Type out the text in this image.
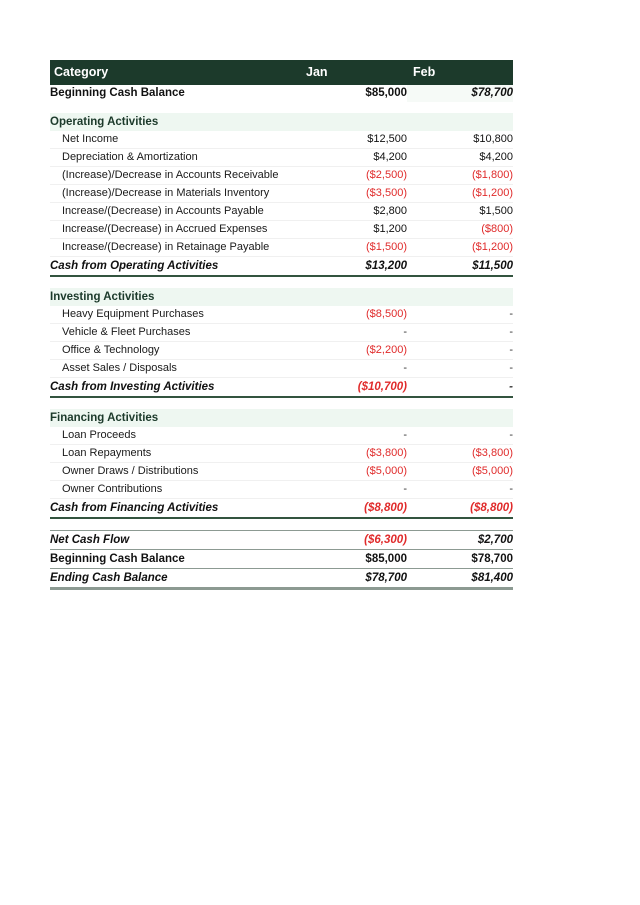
Category	Jan	Feb
Beginning Cash Balance	$85,000	$78,700

Operating Activities		
Net Income	$12,500	$10,800
Depreciation & Amortization	$4,200	$4,200
(Increase)/Decrease in Accounts Receivable	($2,500)	($1,800)
(Increase)/Decrease in Materials Inventory	($3,500)	($1,200)
Increase/(Decrease) in Accounts Payable	$2,800	$1,500
Increase/(Decrease) in Accrued Expenses	$1,200	($800)
Increase/(Decrease) in Retainage Payable	($1,500)	($1,200)
Cash from Operating Activities	$13,200	$11,500

Investing Activities		
Heavy Equipment Purchases	($8,500)	-
Vehicle & Fleet Purchases	-	-
Office & Technology	($2,200)	-
Asset Sales / Disposals	-	-
Cash from Investing Activities	($10,700)	-

Financing Activities		
Loan Proceeds	-	-
Loan Repayments	($3,800)	($3,800)
Owner Draws / Distributions	($5,000)	($5,000)
Owner Contributions	-	-
Cash from Financing Activities	($8,800)	($8,800)

Net Cash Flow	($6,300)	$2,700
Beginning Cash Balance	$85,000	$78,700
Ending Cash Balance	$78,700	$81,400
